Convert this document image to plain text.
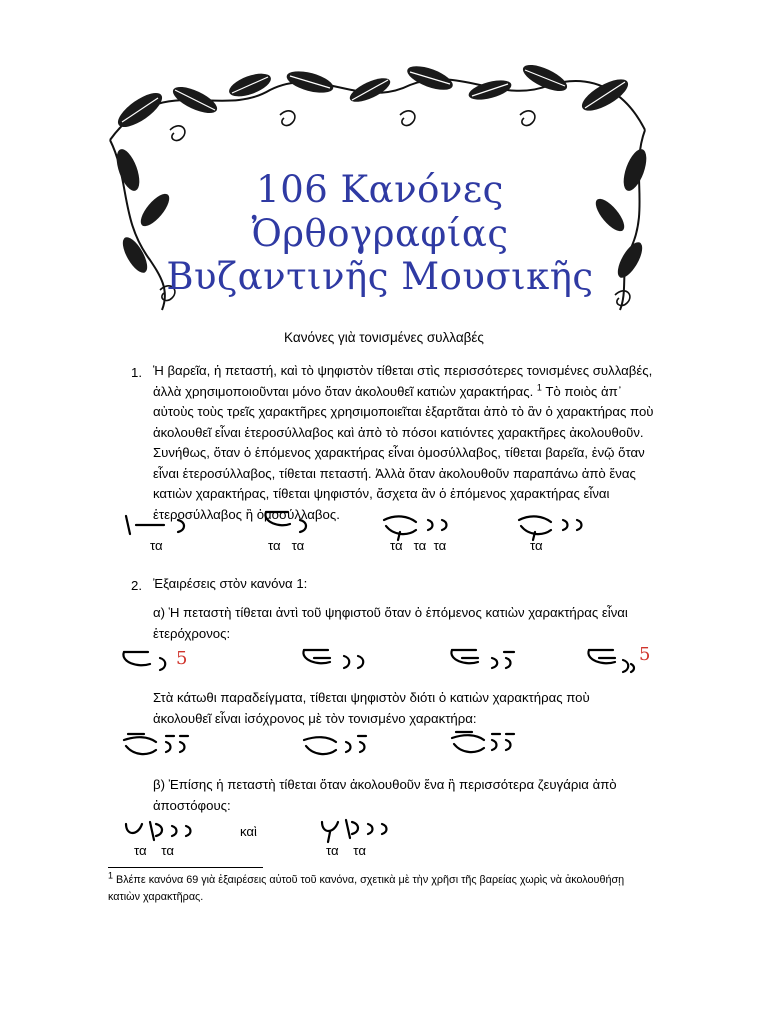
106 Κανόνες
Ὀρθογραφίας
Βυζαντινῆς Μουσικῆς
Κανόνες γιὰ τονισμένες συλλαβές
1. Ἡ βαρεῖα, ἡ πεταστή, καὶ τὸ ψηφιστὸν τίθεται στὶς περισσότερες τονισμένες συλλαβές,
ἀλλὰ χρησιμοποιοῦνται μόνο ὅταν ἀκολουθεῖ κατιὼν χαρακτήρας. $^1$ Τὸ ποιὸς ἀπ᾽
αὐτοὺς τοὺς τρεῖς χαρακτῆρες χρησιμοποιεῖται ἐξαρτᾶται ἀπὸ τὸ ἂν ὁ χαρακτήρας ποὺ
ἀκολουθεῖ εἶναι ἑτεροσύλλαβος καὶ ἀπὸ τὸ πόσοι κατιόντες χαρακτῆρες ἀκολουθοῦν.
Συνήθως, ὅταν ὁ ἑπόμενος χαρακτήρας εἶναι ὁμοσύλλαβος, τίθεται βαρεῖα, ἐνῷ ὅταν
εἶναι ἑτεροσύλλαβος, τίθεται πεταστή. Ἀλλὰ ὅταν ἀκολουθοῦν παραπάνω ἀπὸ ἕνας
κατιὼν χαρακτήρας, τίθεται ψηφιστόν, ἄσχετα ἂν ὁ ἑπόμενος χαρακτήρας εἶναι
ἑτεροσύλλαβος ἢ ὁμοσύλλαβος.
τα	τα   τα	τα   τα  τα	τα
2. Ἐξαιρέσεις στὸν κανόνα 1:
α) Ἡ πεταστὴ τίθεται ἀντὶ τοῦ ψηφιστοῦ ὅταν ὁ ἑπόμενος κατιὼν χαρακτήρας εἶναι
ἑτερόχρονος:
5	5
Στὰ κάτωθι παραδείγματα, τίθεται ψηφιστὸν διότι ὁ κατιὼν χαρακτήρας ποὺ
ἀκολουθεῖ εἶναι ἰσόχρονος μὲ τὸν τονισμένο χαρακτήρα:
β) Ἐπίσης ἡ πεταστὴ τίθεται ὅταν ἀκολουθοῦν ἕνα ἢ περισσότερα ζευγάρια ἀπὸ
ἀποστόφους:
καὶ
τα    τα	τα    τα
$^1$ Βλέπε κανόνα 69 γιὰ ἐξαιρέσεις αὐτοῦ τοῦ κανόνα, σχετικὰ μὲ τὴν χρῆσι τῆς βαρείας χωρὶς νὰ ἀκολουθήσῃ
κατιὼν χαρακτῆρας.
